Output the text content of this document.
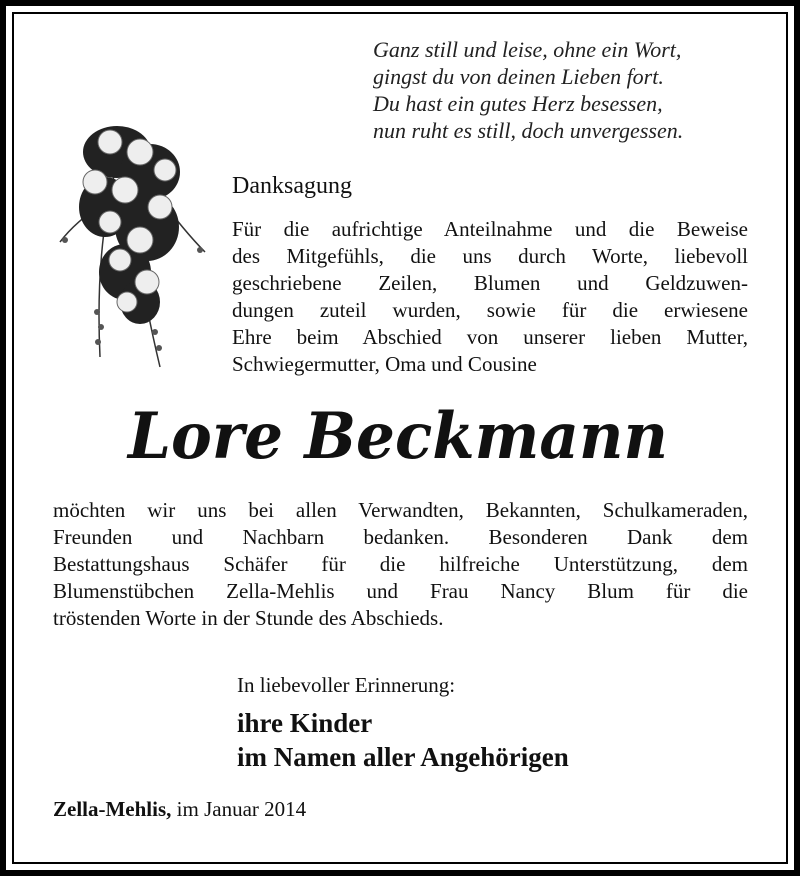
Ganz still und leise, ohne ein Wort,
gingst du von deinen Lieben fort.
Du hast ein gutes Herz besessen,
nun ruht es still, doch unvergessen.
Danksagung
Für die aufrichtige Anteilnahme und die Beweise
des Mitgefühls, die uns durch Worte, liebevoll
geschriebene Zeilen, Blumen und Geldzuwen-
dungen zuteil wurden, sowie für die erwiesene
Ehre beim Abschied von unserer lieben Mutter,
Schwiegermutter, Oma und Cousine
Lore Beckmann
möchten wir uns bei allen Verwandten, Bekannten, Schulkameraden,
Freunden und Nachbarn bedanken. Besonderen Dank dem
Bestattungshaus Schäfer für die hilfreiche Unterstützung, dem
Blumenstübchen Zella-Mehlis und Frau Nancy Blum für die
tröstenden Worte in der Stunde des Abschieds.
In liebevoller Erinnerung:
ihre Kinder
im Namen aller Angehörigen
Zella-Mehlis, im Januar 2014
